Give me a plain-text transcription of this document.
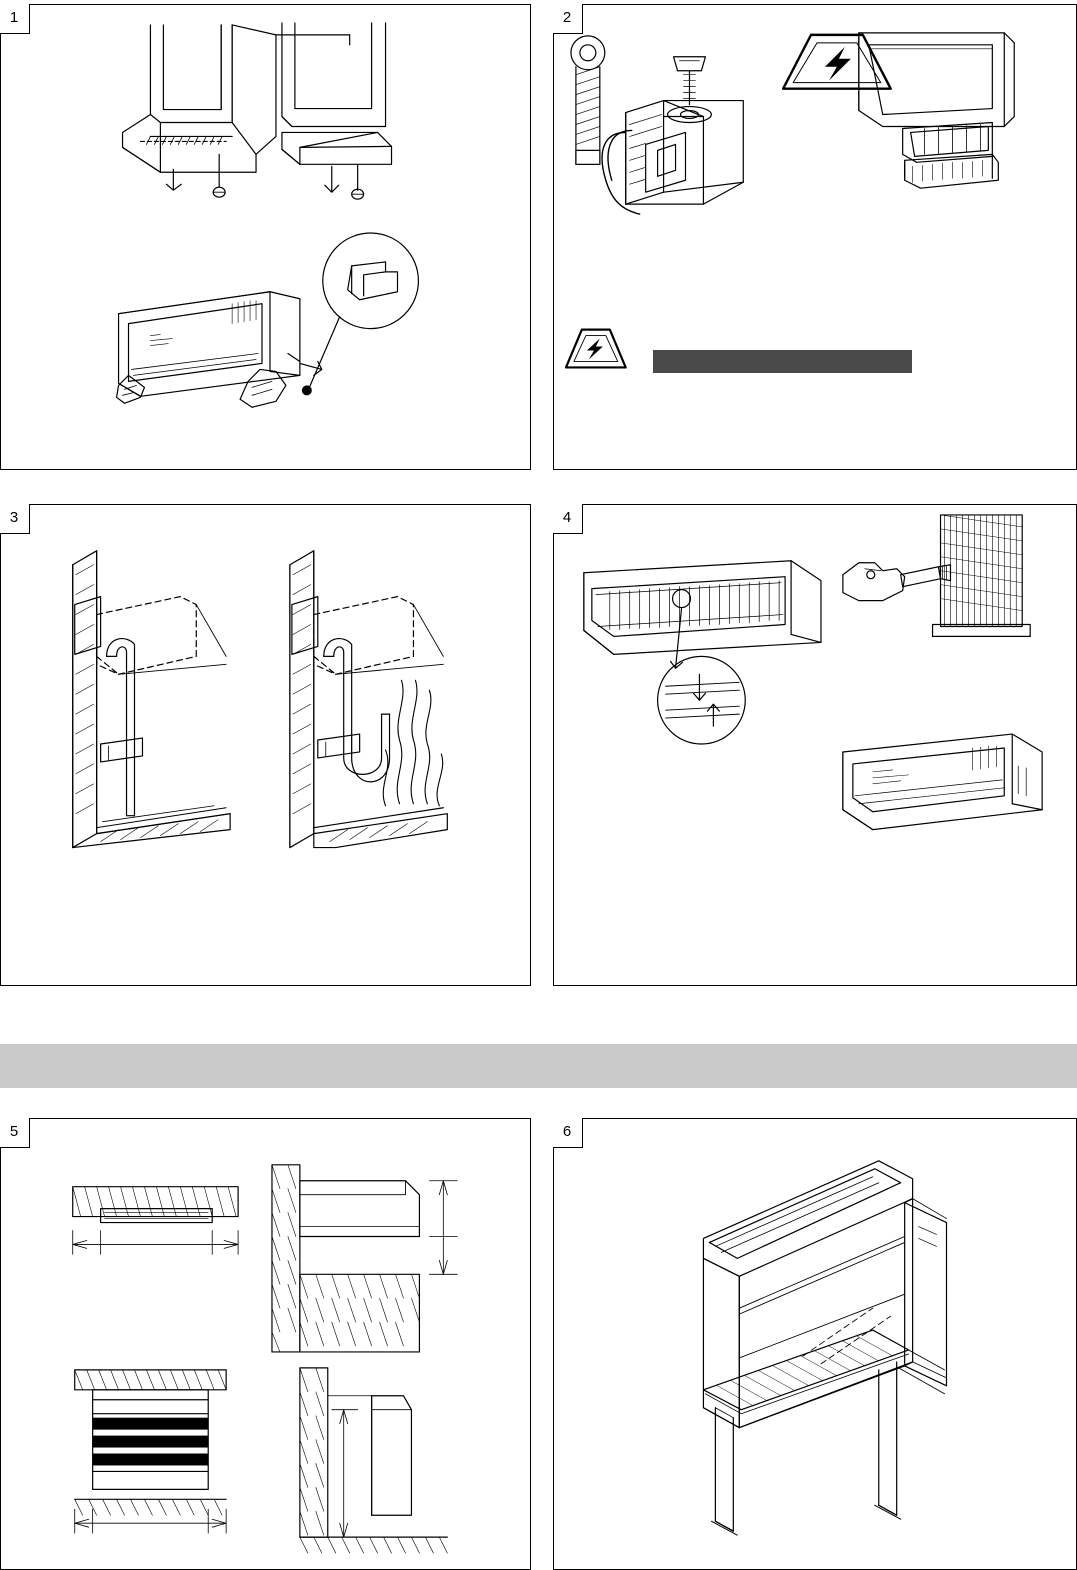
1	2
3	4
5	6
